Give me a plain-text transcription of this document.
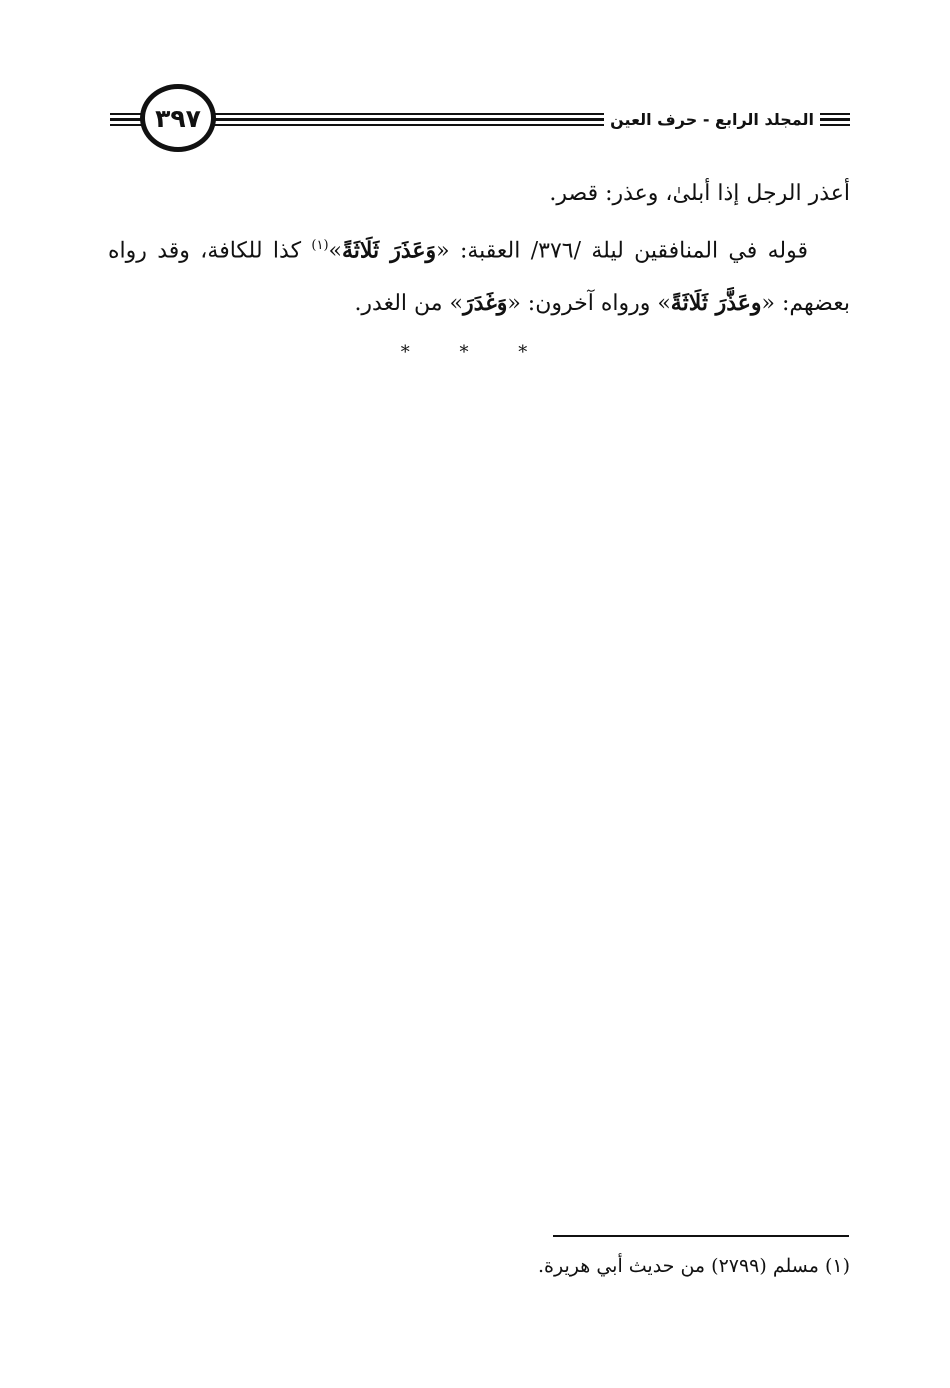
المجلد الرابع - حرف العين
٣٩٧
أعذر الرجل إذا أبلىٰ، وعذر: قصر.
قوله في المنافقين ليلة /٣٧٦/ العقبة: «وَعَذَرَ ثَلَاثَةً»$^{(١)}$ كذا للكافة، وقد رواه بعضهم: «وعَذَّرَ ثَلَاثَةً» ورواه آخرون: «وَغَدَرَ» من الغدر.
* * *
(١) مسلم (٢٧٩٩) من حديث أبي هريرة.
